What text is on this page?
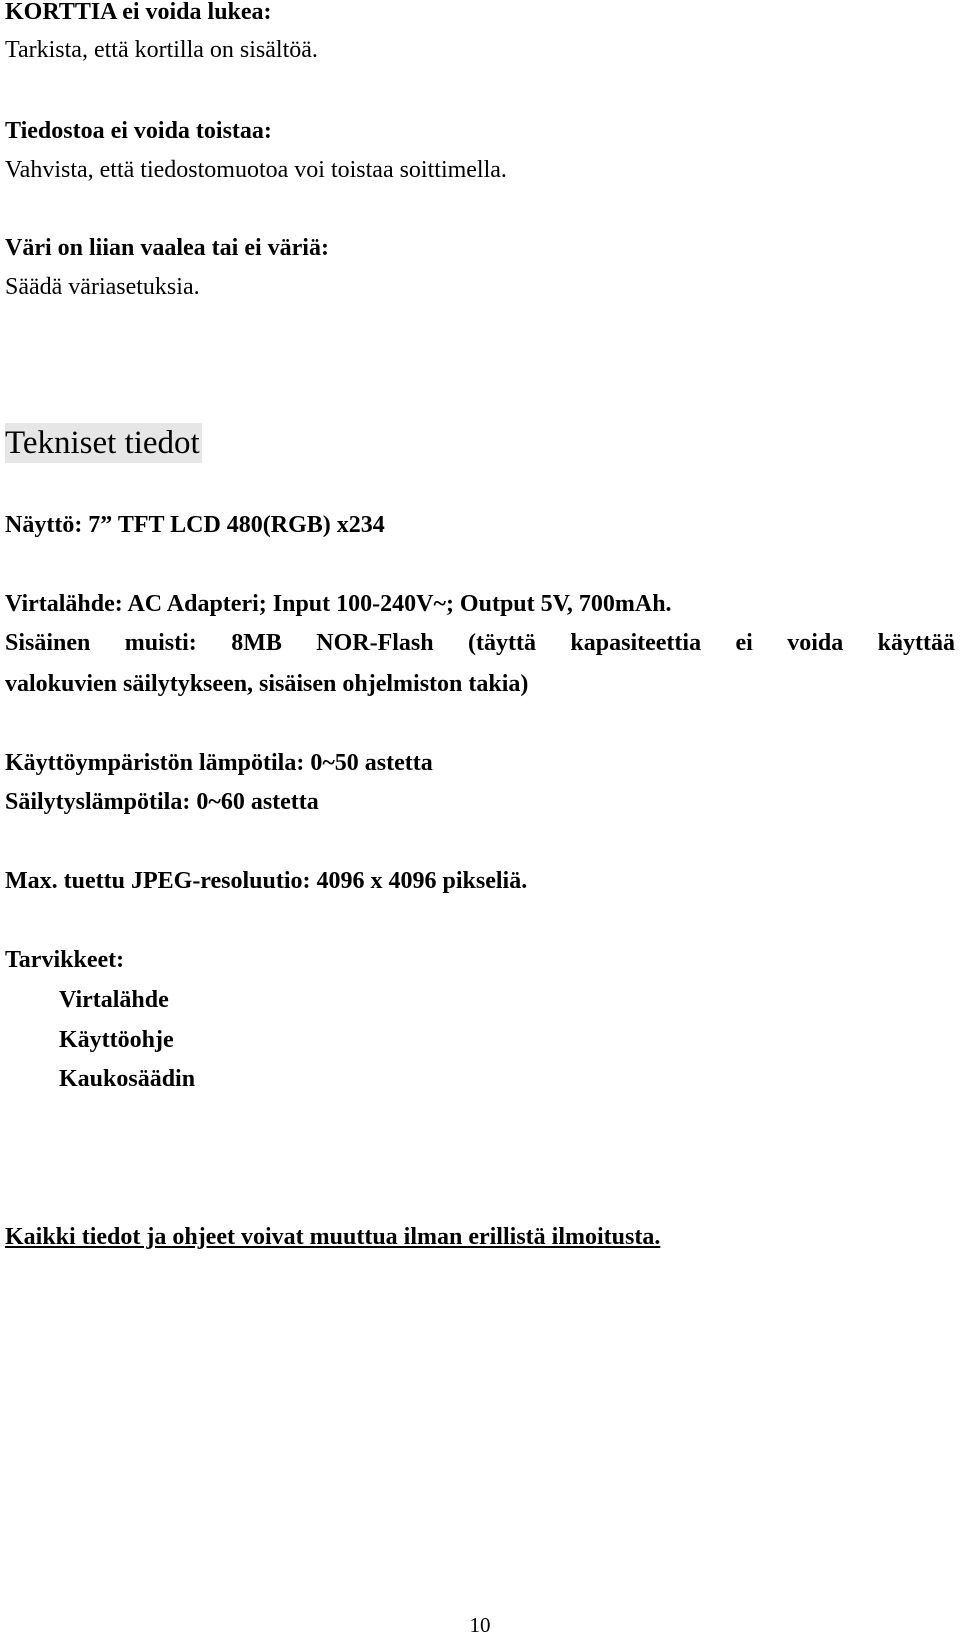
KORTTIA ei voida lukea:
Tarkista, että kortilla on sisältöä.
Tiedostoa ei voida toistaa:
Vahvista, että tiedostomuotoa voi toistaa soittimella.
Väri on liian vaalea tai ei väriä:
Säädä väriasetuksia.
Tekniset tiedot
Näyttö: 7” TFT LCD 480(RGB) x234
Virtalähde: AC Adapteri; Input 100-240V~; Output 5V, 700mAh.
Sisäinen muisti: 8MB NOR-Flash (täyttä kapasiteettia ei voida käyttää
valokuvien säilytykseen, sisäisen ohjelmiston takia)
Käyttöympäristön lämpötila: 0~50 astetta
Säilytyslämpötila: 0~60 astetta
Max. tuettu JPEG-resoluutio: 4096 x 4096 pikseliä.
Tarvikkeet:
Virtalähde
Käyttöohje
Kaukosäädin
Kaikki tiedot ja ohjeet voivat muuttua ilman erillistä ilmoitusta.
10
